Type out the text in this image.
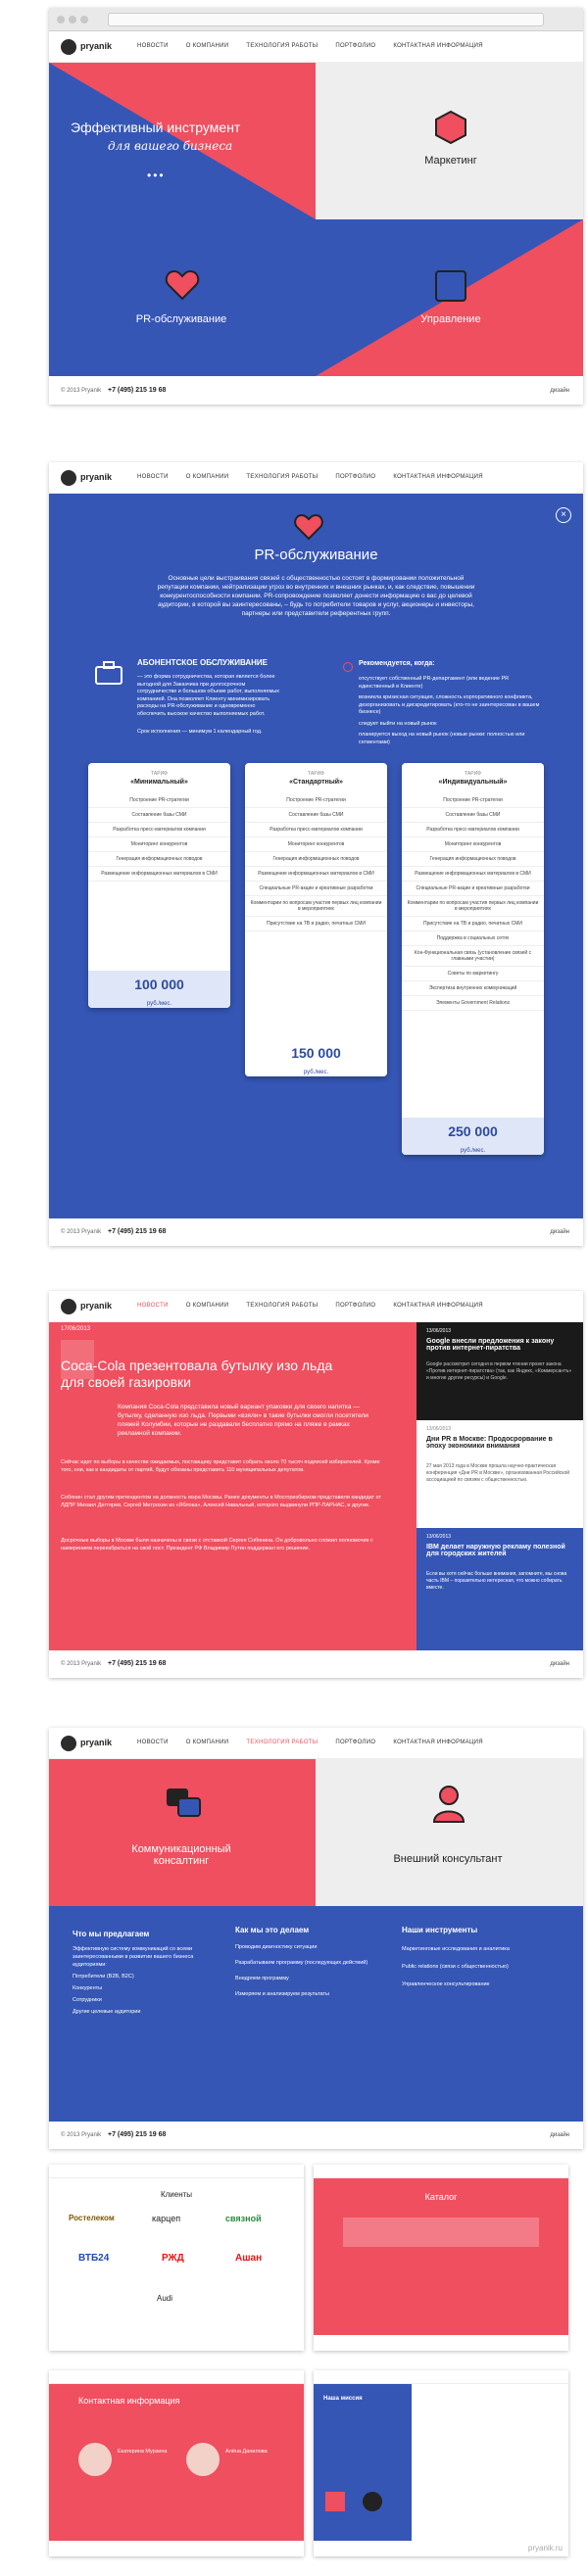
pryanik	НОВОСТИ	О КОМПАНИИ	ТЕХНОЛОГИЯ РАБОТЫ	ПОРТФОЛИО	КОНТАКТНАЯ ИНФОРМАЦИЯ
Эффективный инструмент
для вашего бизнеса
•••
Маркетинг
PR-обслуживание	Управление
© 2013 Pryanik +7 (495) 215 19 68	дизайн
pryanik	НОВОСТИ	О КОМПАНИИ	ТЕХНОЛОГИЯ РАБОТЫ	ПОРТФОЛИО	КОНТАКТНАЯ ИНФОРМАЦИЯ
×
PR-обслуживание
Основные цели выстраивания связей с общественностью состоят в формировании положительной репутации компании, нейтрализации угроз во внутренних и внешних рынках, и, как следствие, повышении конкурентоспособности компании. PR-сопровождение позволяет донести информацию о вас до целевой аудитории, в которой вы заинтересованы, – будь то потребители товаров и услуг, акционеры и инвесторы, партнеры или представители референтных групп.
АБОНЕНТСКОЕ ОБСЛУЖИВАНИЕ
— это форма сотрудничества, которая является более выгодной для Заказчика при долгосрочном сотрудничестве и большом объеме работ, выполняемых компанией. Она позволяет Клиенту минимизировать расходы на PR-обслуживание и одновременно обеспечить высокое качество выполняемых работ.
Срок исполнения — минимум 1 календарный год.
Рекомендуется, когда:
отсутствует собственный PR-департамент (или ведение PR единственный в Клиенте)
возникла кризисная ситуация, сложность корпоративного конфликта, дезорганизовать и дискредитировать (кто-то не заинтересован в вашем бизнесе)
следует выйти на новый рынок
планируется выход на новый рынок (новые рынки: полностью или сегментами)
ТАРИФ
«Минимальный»
Построение PR-стратегии
Составление базы СМИ
Разработка пресс-материалов компании
Мониторинг конкурентов
Генерация информационных поводов
Размещение информационных материалов в СМИ
100 000
руб./мес.
ТАРИФ
«Стандартный»
Построение PR-стратегии
Составление базы СМИ
Разработка пресс-материалов компании
Мониторинг конкурентов
Генерация информационных поводов
Размещение информационных материалов в СМИ
Специальные PR-акции и креативные разработки
Комментарии по вопросам участия первых лиц компании в мероприятиях
Присутствие на ТВ и радио, печатных СМИ
150 000
руб./мес.
ТАРИФ
«Индивидуальный»
Построение PR-стратегии
Составление базы СМИ
Разработка пресс-материалов компании
Мониторинг конкурентов
Генерация информационных поводов
Размещение информационных материалов в СМИ
Специальные PR-акции и креативные разработки
Комментарии по вопросам участия первых лиц компании в мероприятиях
Присутствие на ТВ и радио, печатных СМИ
Поддержка в социальных сетях
Кон-Функциональная связь (установление связей с главными участии)
Советы по маркетингу
Экспертиза внутренних коммуникаций
Элементы Government Relations
250 000
руб./мес.
© 2013 Pryanik +7 (495) 215 19 68	дизайн
pryanik	НОВОСТИ	О КОМПАНИИ	ТЕХНОЛОГИЯ РАБОТЫ	ПОРТФОЛИО	КОНТАКТНАЯ ИНФОРМАЦИЯ
17/06/2013
Coca-Cola презентовала бутылку изо льда для своей газировки
Компания Coca-Cola представила новый вариант упаковки для своего напитка — бутылку, сделанную изо льда. Первыми «взяли» в такие бутылки смогли посетители пляжей Колумбии, которые не раздавали бесплатно прямо на пляже в рамках рекламной компании.
Сейчас идет по выборы в качестве ожидаемых, поставщику представит собрать около 70 тысяч подписей избирателей. Кроме того, они, как и кандидаты от партий, будут обязаны представить 110 муниципальных депутатов.
Собянин стал другим претендентом на должность мэра Москвы. Ранее документы в Мосгоризбирком представили кандидат от ЛДПР Михаил Дегтярев, Сергей Митрохин из «Яблока», Алексей Навальный, которого выдвинули РПР-ПАРНАС, и другие.
Досрочные выборы в Москве были назначены в связи с отставкой Сергея Собянина. Он добровольно сложил полномочия с намерением переизбраться на свой пост. Президент РФ Владимир Путин поддержал его решение.
13/06/2013
Google внесли предложения к закону против интернет-пиратства
Google рассмотрит сегодня в первом чтении проект закона «Против интернет-пиратства» (так, как Яндекс, «Коммерсантъ» и многие другие ресурсы) и Google.
13/06/2013
Дни PR в Москве: Продосрорвание в эпоху экономики внимания
27 мая 2013 года в Москве прошла научно-практическая конференция «Дни PR в Москве», организованная Российской ассоциацией по связям с общественностью.
13/06/2013
IBM делает наружную рекламу полезной для городских жителей
Если вы хотя сейчас больше внимания, запомните, мы снова часть IBM – поразительно интересная, что можно собирать вместе.
© 2013 Pryanik +7 (495) 215 19 68	дизайн
pryanik	НОВОСТИ	О КОМПАНИИ	ТЕХНОЛОГИЯ РАБОТЫ	ПОРТФОЛИО	КОНТАКТНАЯ ИНФОРМАЦИЯ
Коммуникационный консалтинг	Внешний консультант
Что мы предлагаем
Эффективную систему коммуникаций со всеми заинтересованными в развитии вашего бизнеса аудиториями:
Потребители (B2B, B2C)
Конкуренты
Сотрудники
Другие целевые аудитории
Как мы это делаем
Проводим диагностику ситуации
Разрабатываем программу (последующих действий)
Внедряем программу
Измеряем и анализируем результаты
Наши инструменты
Маркетинговые исследования и аналитика
Public relations (связи с общественностью)
Управленческое консультирование
© 2013 Pryanik +7 (495) 215 19 68	дизайн
Клиенты
Ростелеком	карцеп	связной
ВТБ24	РЖД	Ашан
Audi
Каталог
Контактная информация
Екатерина Мурзина	Алёна Данилова
Наша миссия
pryanik.ru
